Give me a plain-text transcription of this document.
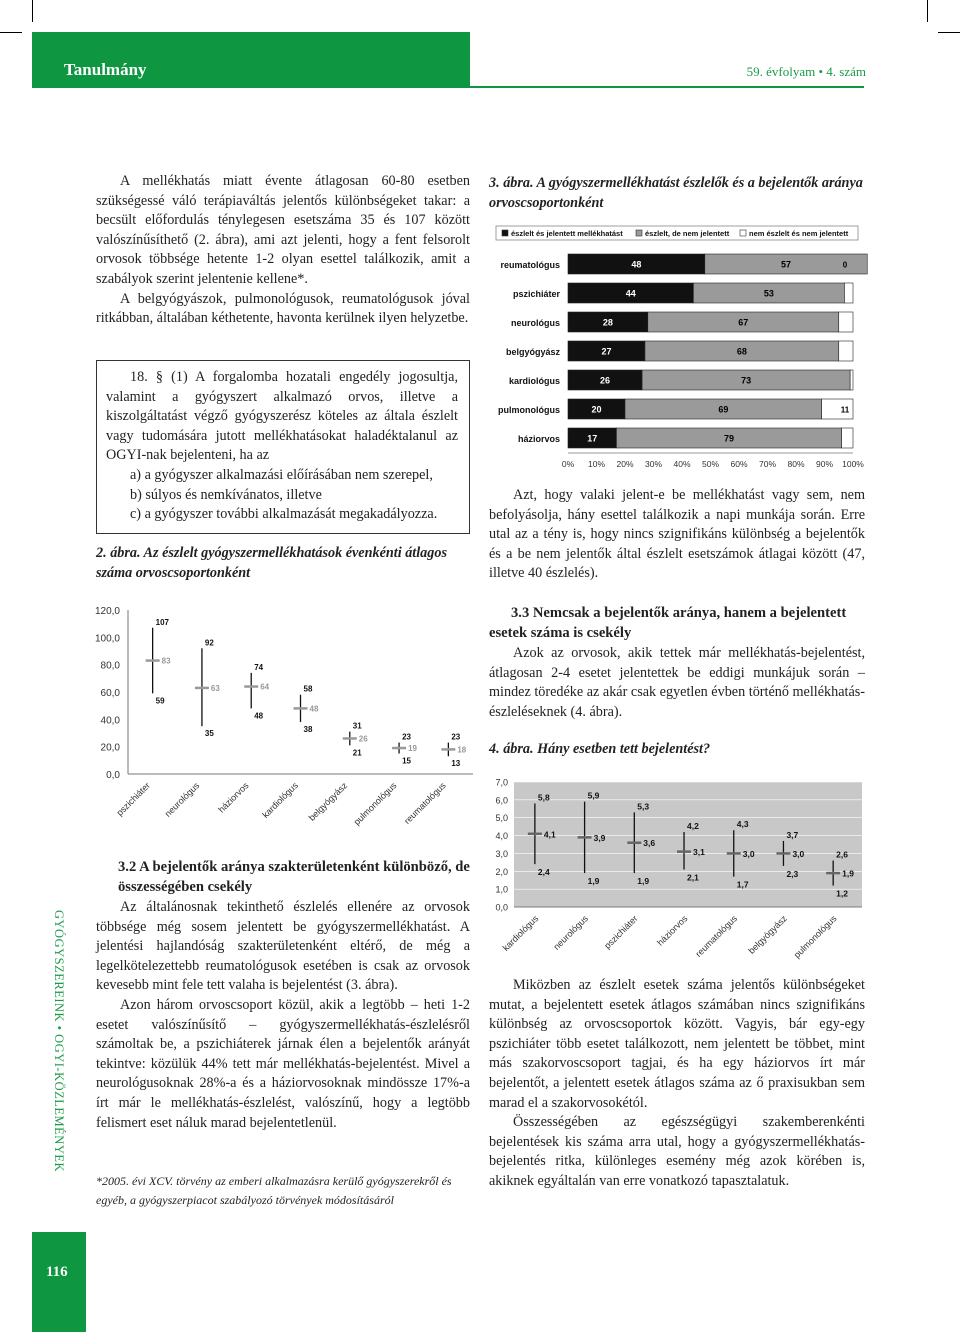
Tanulmány	59. évfolyam • 4. szám

A mellékhatás miatt évente átlagosan 60-80 esetben szükségessé váló terápiaváltás jelentős különbségeket takar: a becsült előfordulás ténylegesen esetszáma 35 és 107 között valószínűsíthető (2. ábra), ami azt jelenti, hogy a fent felsorolt orvosok többsége hetente 1-2 olyan esettel találkozik, amit a szabályok szerint jelentenie kellene*.

A belgyógyászok, pulmonológusok, reumatológusok jóval ritkábban, általában kéthetente, havonta kerülnek ilyen helyzetbe.

18. § (1) A forgalomba hozatali engedély jogosultja, valamint a gyógyszert alkalmazó orvos, illetve a kiszolgáltatást végző gyógyszerész köteles az általa észlelt vagy tudomására jutott mellékhatásokat haladéktalanul az OGYI-nak bejelenteni, ha az

a) a gyógyszer alkalmazási előírásában nem szerepel,

b) súlyos és nemkívánatos, illetve

c) a gyógyszer további alkalmazását megakadályozza.

2. ábra. Az észlelt gyógyszermellékhatások évenkénti átlagos száma orvoscsoportonként
0,0
20,0
40,0
60,0
80,0
100,0
120,0
107
83
59
pszichiáter
92
63
35
neurológus
74
64
48
háziorvos
58
48
38
kardiológus
31
26
21
belgyógyász
23
19
15
pulmonológus
23
18
13
reumatológus
3.2 A bejelentők aránya szakterületenként különböző, de összességében csekély

Az általánosnak tekinthető észlelés ellenére az orvosok többsége még sosem jelentett be gyógyszermellékhatást. A jelentési hajlandóság szakterületenként eltérő, de még a legelkötelezettebb reumatológusok esetében is csak az orvosok kevesebb mint fele tett valaha is bejelentést (3. ábra).

Azon három orvoscsoport közül, akik a legtöbb – heti 1-2 esetet valószínűsítő – gyógyszermellékhatás-észlelésről számoltak be, a pszichiáterek járnak élen a bejelentők arányát tekintve: közülük 44% tett már mellékhatás-bejelentést. Mivel a neurológusoknak 28%-a és a háziorvosoknak mindössze 17%-a írt már le mellékhatás-észlelést, valószínű, hogy a legtöbb felismert eset náluk marad bejelentetlenül.

*2005. évi XCV. törvény az emberi alkalmazásra kerülő gyógyszerekről és egyéb, a gyógyszerpiacot szabályozó törvények módosításáról
3. ábra. A gyógyszermellékhatást észlelők és a bejelentők aránya orvoscsoportonként
észlelt és jelentett mellékhatást	észlelt, de nem jelentett	nem észlelt és nem jelentett
reumatológus	48	57	0
pszichiáter	44	53
neurológus	28	67
belgyógyász	27	68
kardiológus	26	73
pulmonológus	20	69	11
háziorvos	17	79
0% 10% 20% 30% 40% 50% 60% 70% 80% 90% 100%

Azt, hogy valaki jelent-e be mellékhatást vagy sem, nem befolyásolja, hány esettel találkozik a napi munkája során. Erre utal az a tény is, hogy nincs szignifikáns különbség a bejelentők és a be nem jelentők által észlelt esetszámok átlagai között (47, illetve 40 észlelés).

3.3 Nemcsak a bejelentők aránya, hanem a bejelentett esetek száma is csekély

Azok az orvosok, akik tettek már mellékhatás-bejelentést, átlagosan 2-4 esetet jelentettek be eddigi munkájuk során – mindez töredéke az akár csak egyetlen évben történő mellékhatás-észleléseknek (4. ábra).

4. ábra. Hány esetben tett bejelentést?
0,0
1,0
2,0
3,0
4,0
5,0
6,0
7,0
5,8
4,1
2,4
kardiológus
5,9
3,9
1,9
neurológus
5,3
3,6
1,9
pszichiáter
4,2
3,1
2,1
háziorvos
4,3
3,0
1,7
reumatológus
3,7
3,0
2,3
belgyógyász
2,6
1,9
1,2
pulmonológus

Miközben az észlelt esetek száma jelentős különbségeket mutat, a bejelentett esetek átlagos számában nincs szignifikáns különbség az orvoscsoportok között. Vagyis, bár egy-egy pszichiáter több esetet találkozott, nem jelentett be többet, mint más szakorvoscsoport tagjai, és ha egy háziorvos írt már bejelentőt, a jelentett esetek átlagos száma az ő praxisukban sem marad el a szakorvosokétól.

Összességében az egészségügyi szakemberenkénti bejelentések kis száma arra utal, hogy a gyógyszermellékhatás-bejelentés ritka, különleges esemény még azok körében is, akiknek egyáltalán van erre vonatkozó tapasztalatuk.

GYÓGYSZEREINK • OGYI-KÖZLEMÉNYEK
116
